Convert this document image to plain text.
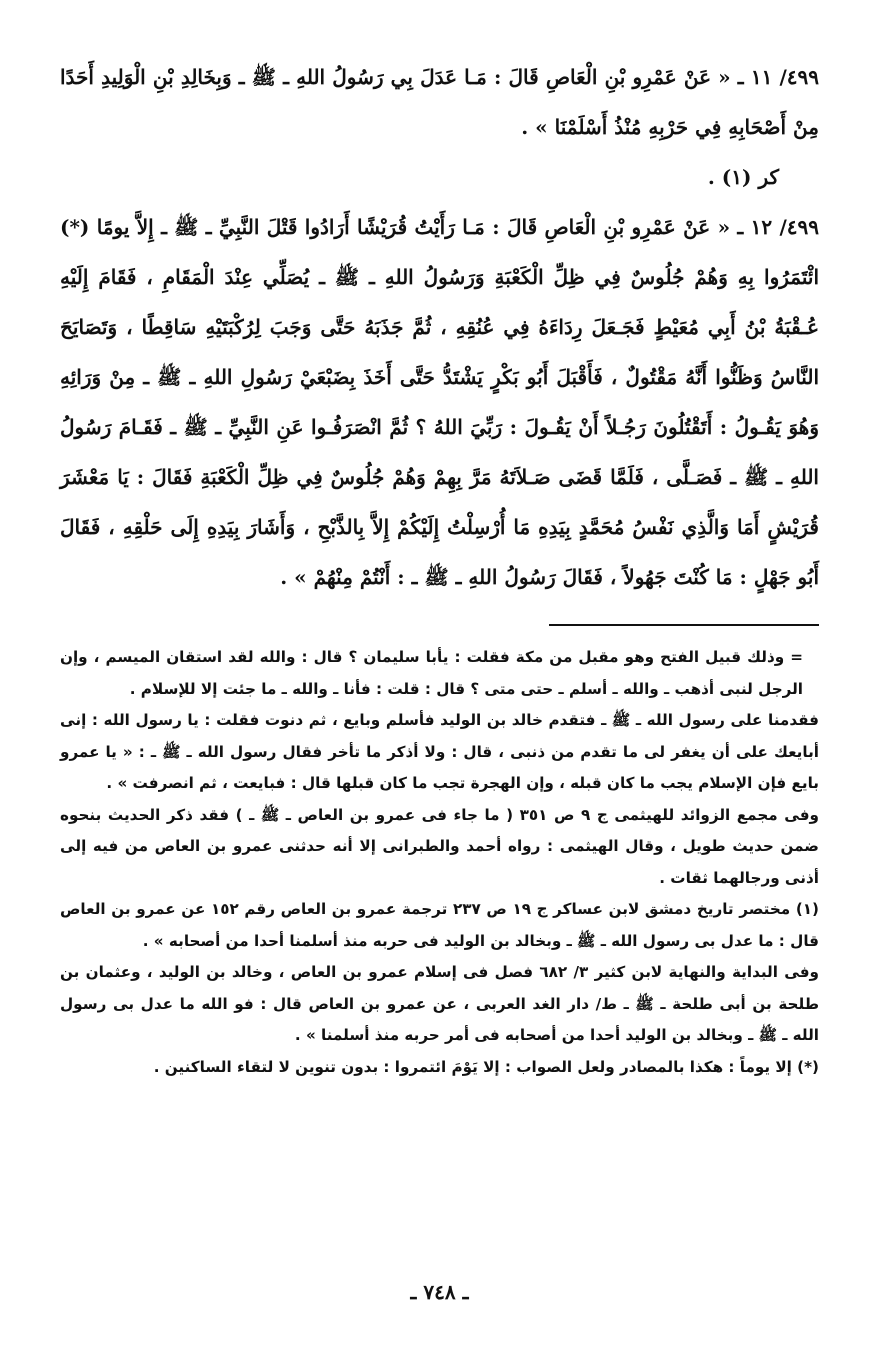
٤٩٩/ ١١ ـ « عَنْ عَمْرِو بْنِ الْعَاصِ قَالَ : مَـا عَدَلَ بِي رَسُولُ اللهِ ـ ﷺ ـ وَبِخَالِدِ بْنِ الْوَلِيدِ أَحَدًا مِنْ أَصْحَابِهِ فِي حَرْبِهِ مُنْذُ أَسْلَمْنَا » .

كر (١) .

٤٩٩/ ١٢ ـ « عَنْ عَمْرِو بْنِ الْعَاصِ قَالَ : مَـا رَأَيْتُ قُرَيْشًا أَرَادُوا قَتْلَ النَّبِيِّ ـ ﷺ ـ إِلاَّ يومًا (*) ائْتَمَرُوا بِهِ وَهُمْ جُلُوسٌ فِي ظِلِّ الْكَعْبَةِ وَرَسُولُ اللهِ ـ ﷺ ـ يُصَلِّي عِنْدَ الْمَقَامِ ، فَقَامَ إِلَيْهِ عُـقْبَةُ بْنُ أَبِي مُعَيْطٍ فَجَـعَلَ رِدَاءَهُ فِي عُنُقِهِ ، ثُمَّ جَذَبَهُ حَتَّى وَجَبَ لِرُكْبَتَيْهِ سَاقِطًا ، وَتَصَايَحَ النَّاسُ وَظَنُّوا أَنَّهُ مَقْتُولٌ ، فَأَقْبَلَ أَبُو بَكْرٍ يَشْتَدُّ حَتَّى أَخَذَ بِضَبْعَيْ رَسُولِ اللهِ ـ ﷺ ـ مِنْ وَرَائِهِ وَهُوَ يَقُـولُ : أَتَقْتُلُونَ رَجُـلاً أَنْ يَقُـولَ : رَبِّيَ اللهُ ؟ ثُمَّ انْصَرَفُـوا عَنِ النَّبِيِّ ـ ﷺ ـ فَقَـامَ رَسُولُ اللهِ ـ ﷺ ـ فَصَـلَّى ، فَلَمَّا قَضَى صَـلاَتَهُ مَرَّ بِهِمْ وَهُمْ جُلُوسٌ فِي ظِلِّ الْكَعْبَةِ فَقَالَ : يَا مَعْشَرَ قُرَيْشٍ أَمَا وَالَّذِي نَفْسُ مُحَمَّدٍ بِيَدِهِ مَا أُرْسِلْتُ إِلَيْكُمْ إِلاَّ بِالذَّبْحِ ، وَأَشَارَ بِيَدِهِ إِلَى حَلْقِهِ ، فَقَالَ أَبُو جَهْلٍ : مَا كُنْتَ جَهُولاً ، فَقَالَ رَسُولُ اللهِ ـ ﷺ ـ : أَنْتُمْ مِنْهُمْ » .

= وذلك قبيل الفتح وهو مقبل من مكة فقلت : يأبا سليمان ؟ قال : والله لقد استقان الميسم ، وإن الرجل لنبى أذهب ـ والله ـ أسلم ـ حتى متى ؟ قال : قلت : فأنا ـ والله ـ ما جئت إلا للإسلام .

فقدمنا على رسول الله ـ ﷺ ـ فتقدم خالد بن الوليد فأسلم وبايع ، ثم دنوت فقلت : يا رسول الله : إنى أبايعك على أن يغفر لى ما تقدم من ذنبى ، قال : ولا أذكر ما تأخر فقال رسول الله ـ ﷺ ـ : « يا عمرو بايع فإن الإسلام يجب ما كان قبله ، وإن الهجرة تجب ما كان قبلها قال : فبايعت ، ثم انصرفت » .

وفى مجمع الزوائد للهيثمى ج ٩ ص ٣٥١ ( ما جاء فى عمرو بن العاص ـ ﷺ ـ ) فقد ذكر الحديث بنحوه ضمن حديث طويل ، وقال الهيثمى : رواه أحمد والطبرانى إلا أنه حدثنى عمرو بن العاص من فيه إلى أذنى ورجالهما ثقات .

(١) مختصر تاريخ دمشق لابن عساكر ج ١٩ ص ٢٣٧ ترجمة عمرو بن العاص رقم ١٥٢ عن عمرو بن العاص قال : ما عدل بى رسول الله ـ ﷺ ـ وبخالد بن الوليد فى حربه منذ أسلمنا أحدا من أصحابه » .

وفى البداية والنهاية لابن كثير ٣/ ٦٨٢ فصل فى إسلام عمرو بن العاص ، وخالد بن الوليد ، وعثمان بن طلحة بن أبى طلحة ـ ﷺ ـ ط/ دار الغد العربى ، عن عمرو بن العاص قال : فو الله ما عدل بى رسول الله ـ ﷺ ـ وبخالد بن الوليد أحدا من أصحابه فى أمر حربه منذ أسلمنا » .

(*) إلا يوماً : هكذا بالمصادر ولعل الصواب : إلا يَوْمَ ائتمروا : بدون تنوين لا لتقاء الساكنين .

ـ ٧٤٨ ـ
